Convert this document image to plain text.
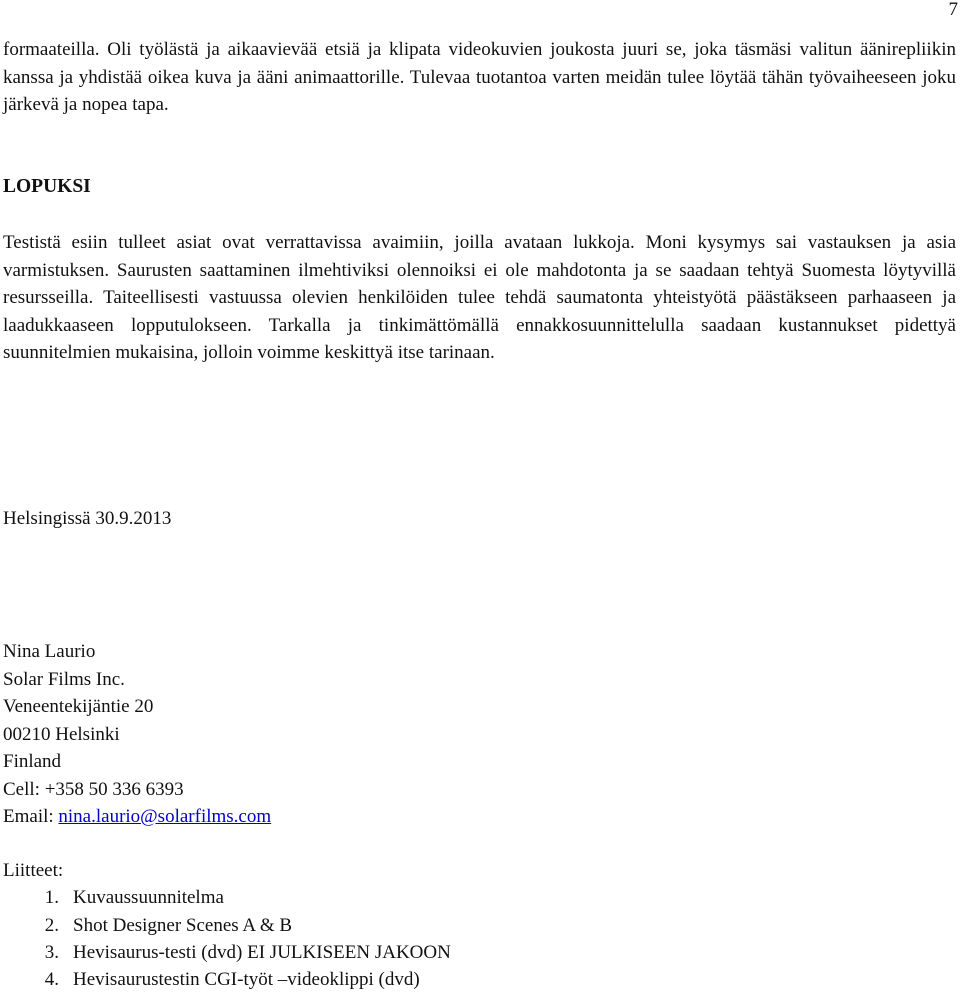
7

formaateilla. Oli työlästä ja aikaavievää etsiä ja klipata videokuvien joukosta juuri se, joka täsmäsi valitun äänirepliikin kanssa ja yhdistää oikea kuva ja ääni animaattorille. Tulevaa tuotantoa varten meidän tulee löytää tähän työvaiheeseen joku järkevä ja nopea tapa.

LOPUKSI

Testistä esiin tulleet asiat ovat verrattavissa avaimiin, joilla avataan lukkoja. Moni kysymys sai vastauksen ja asia varmistuksen. Saurusten saattaminen ilmehtiviksi olennoiksi ei ole mahdotonta ja se saadaan tehtyä Suomesta löytyvillä resursseilla. Taiteellisesti vastuussa olevien henkilöiden tulee tehdä saumatonta yhteistyötä päästäkseen parhaaseen ja laadukkaaseen lopputulokseen. Tarkalla ja tinkimättömällä ennakkosuunnittelulla saadaan kustannukset pidettyä suunnitelmien mukaisina, jolloin voimme keskittyä itse tarinaan.

Helsingissä 30.9.2013
Nina Laurio
Solar Films Inc.
Veneentekijäntie 20
00210 Helsinki
Finland
Cell: +358 50 336 6393
Email: nina.laurio@solarfilms.com
Liitteet:
1. Kuvaussuunnitelma
2. Shot Designer Scenes A & B
3. Hevisaurus-testi (dvd) EI JULKISEEN JAKOON
4. Hevisaurustestin CGI-työt –videoklippi (dvd)
